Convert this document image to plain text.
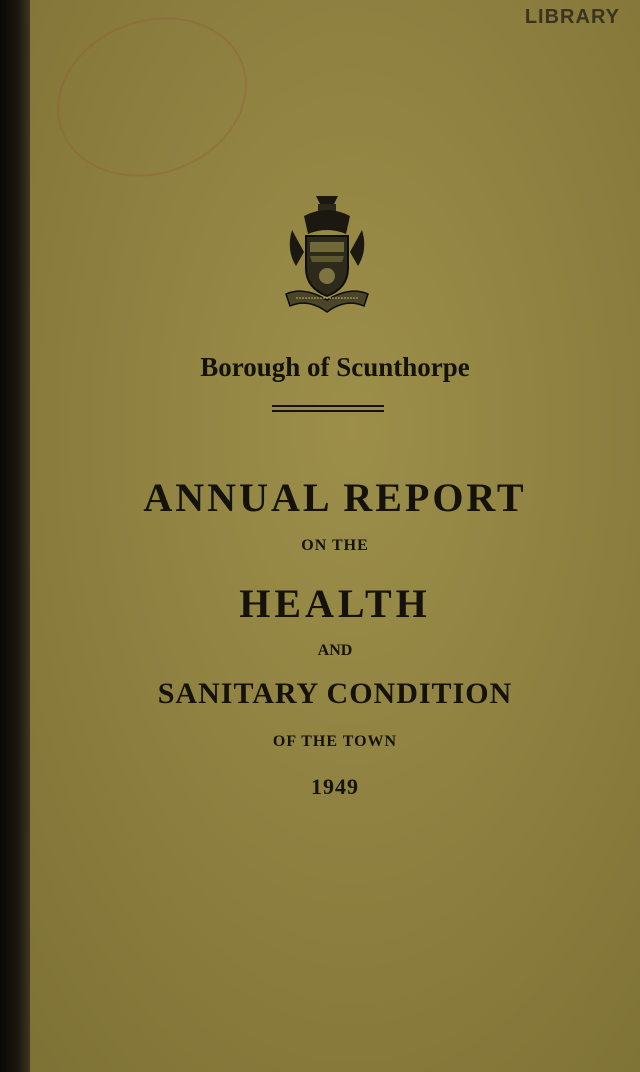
LIBRARY
Borough of Scunthorpe
ANNUAL REPORT
ON THE
HEALTH
AND
SANITARY CONDITION
OF THE TOWN
1949
